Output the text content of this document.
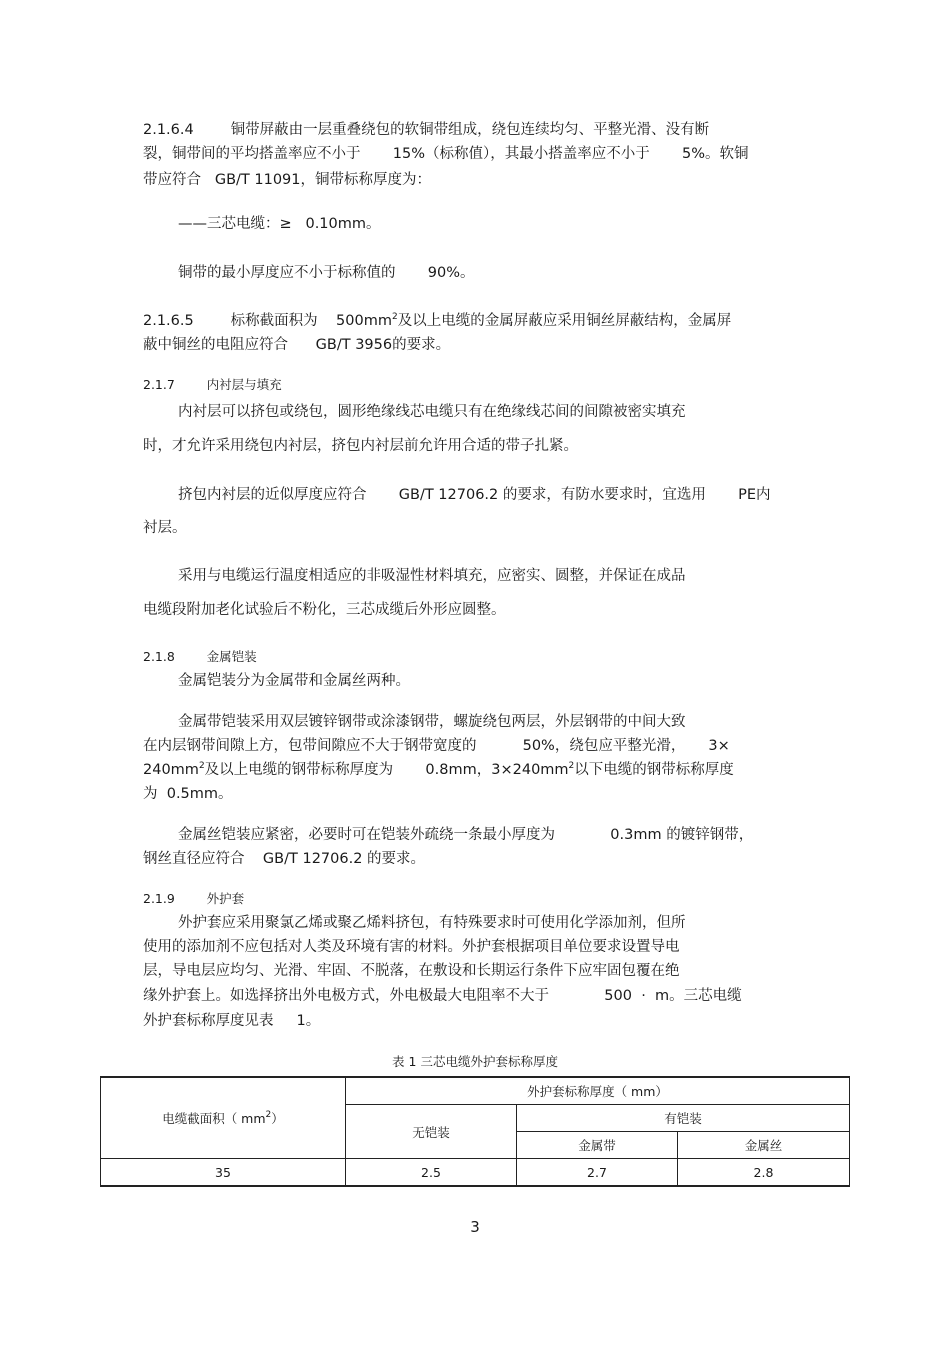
2.1.6.4        铜带屏蔽由一层重叠绕包的软铜带组成，绕包连续均匀、平整光滑、没有断
裂，铜带间的平均搭盖率应不小于       15%（标称值），其最小搭盖率应不小于       5%。软铜
带应符合   GB/T 11091，铜带标称厚度为：
——三芯电缆：≥   0.10mm。
铜带的最小厚度应不小于标称值的       90%。
2.1.6.5        标称截面积为    $500mm^2$及以上电缆的金属屏蔽应采用铜丝屏蔽结构，金属屏
蔽中铜丝的电阻应符合      GB/T 3956的要求。
2.1.7        内衬层与填充
内衬层可以挤包或绕包，圆形绝缘线芯电缆只有在绝缘线芯间的间隙被密实填充
时，才允许采用绕包内衬层，挤包内衬层前允许用合适的带子扎紧。
挤包内衬层的近似厚度应符合       GB/T 12706.2 的要求，有防水要求时，宜选用       PE内
衬层。
采用与电缆运行温度相适应的非吸湿性材料填充，应密实、圆整，并保证在成品
电缆段附加老化试验后不粉化，三芯成缆后外形应圆整。
2.1.8        金属铠装
金属铠装分为金属带和金属丝两种。
金属带铠装采用双层镀锌钢带或涂漆钢带，螺旋绕包两层，外层钢带的中间大致
在内层钢带间隙上方，包带间隙应不大于钢带宽度的          50%，绕包应平整光滑，     3×
$240mm^2$及以上电缆的钢带标称厚度为       0.8mm，$3\times 240mm^2$以下电缆的钢带标称厚度
为  0.5mm。
金属丝铠装应紧密，必要时可在铠装外疏绕一条最小厚度为            0.3mm 的镀锌钢带，
钢丝直径应符合    GB/T 12706.2 的要求。
2.1.9        外护套
外护套应采用聚氯乙烯或聚乙烯料挤包，有特殊要求时可使用化学添加剂，但所
使用的添加剂不应包括对人类及环境有害的材料。外护套根据项目单位要求设置导电
层，导电层应均匀、光滑、牢固、不脱落，在敷设和长期运行条件下应牢固包覆在绝
缘外护套上。如选择挤出外电极方式，外电极最大电阻率不大于            500  ·  m。三芯电缆
外护套标称厚度见表     1。
表 1 三芯电缆外护套标称厚度
电缆截面积（ $mm^2$）	外护套标称厚度（ mm）		
	无铠装	有铠装	
		金属带	金属丝
35	2.5	2.7	2.8
3
